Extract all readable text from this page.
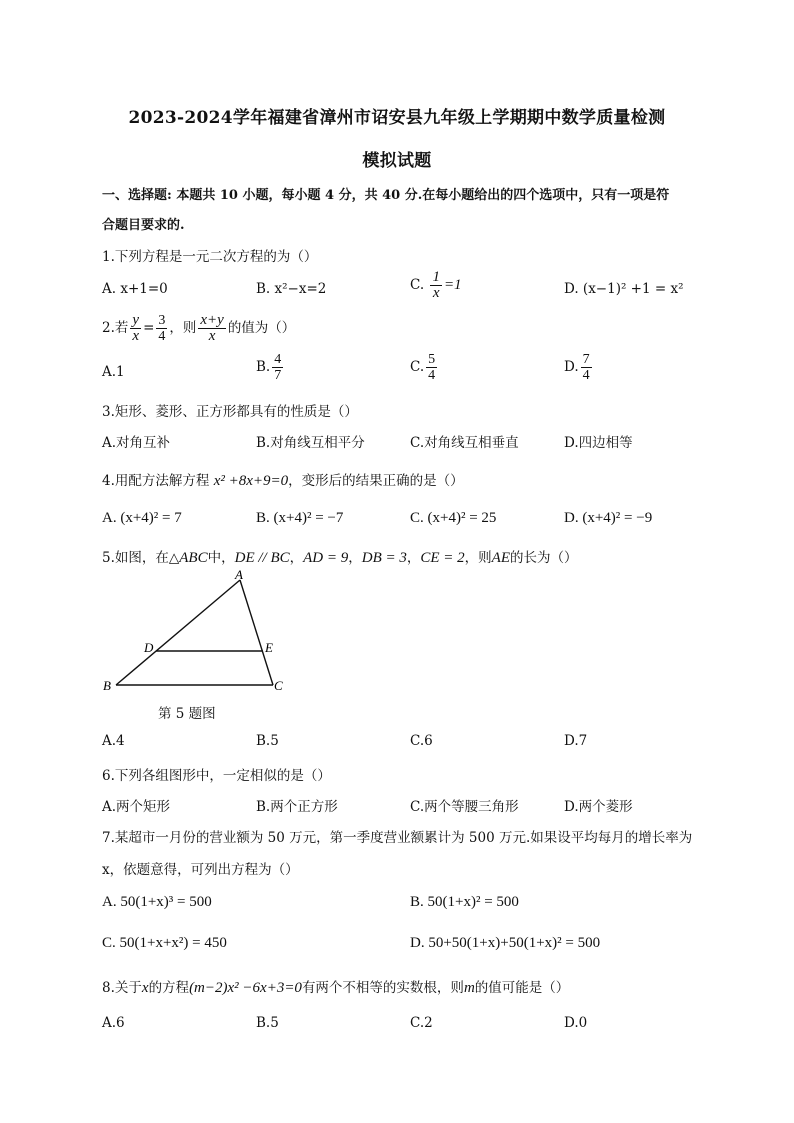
2023-2024学年福建省漳州市诏安县九年级上学期期中数学质量检测
模拟试题
一、选择题: 本题共 10 小题，每小题 4 分，共 40 分.在每小题给出的四个选项中，只有一项是符
合题目要求的.
1.下列方程是一元二次方程的为（）
A. x+1=0	B. x²−x=2	C. $\frac{1}{x} =1$	D. (x−1)² +1 = x²
2.若 $\frac{y}{x} = \frac{3}{4}$ ，则 $\frac{x+y}{x}$ 的值为（）
A.1	B. $\frac{4}{7}$	C. $\frac{5}{4}$	D. $\frac{7}{4}$
3.矩形、菱形、正方形都具有的性质是（）
A.对角互补	B.对角线互相平分	C.对角线互相垂直	D.四边相等
4.用配方法解方程 x² +8x+9=0，变形后的结果正确的是（）
A. (x+4)² = 7	B. (x+4)² = −7	C. (x+4)² = 25	D. (x+4)² = −9
5.如图，在△ABC中，DE // BC，AD = 9，DB = 3，CE = 2，则AE的长为（）
A
B	C
D	E
第 5 题图
A.4	B.5	C.6	D.7
6.下列各组图形中，一定相似的是（）
A.两个矩形	B.两个正方形	C.两个等腰三角形	D.两个菱形
7.某超市一月份的营业额为 50 万元，第一季度营业额累计为 500 万元.如果设平均每月的增长率为
x，依题意得，可列出方程为（）
A. 50(1+x)³ = 500	B. 50(1+x)² = 500
C. 50(1+x+x²) = 450	D. 50+50(1+x)+50(1+x)² = 500
8.关于x的方程(m−2)x² −6x+3=0有两个不相等的实数根，则m的值可能是（）
A.6	B.5	C.2	D.0
